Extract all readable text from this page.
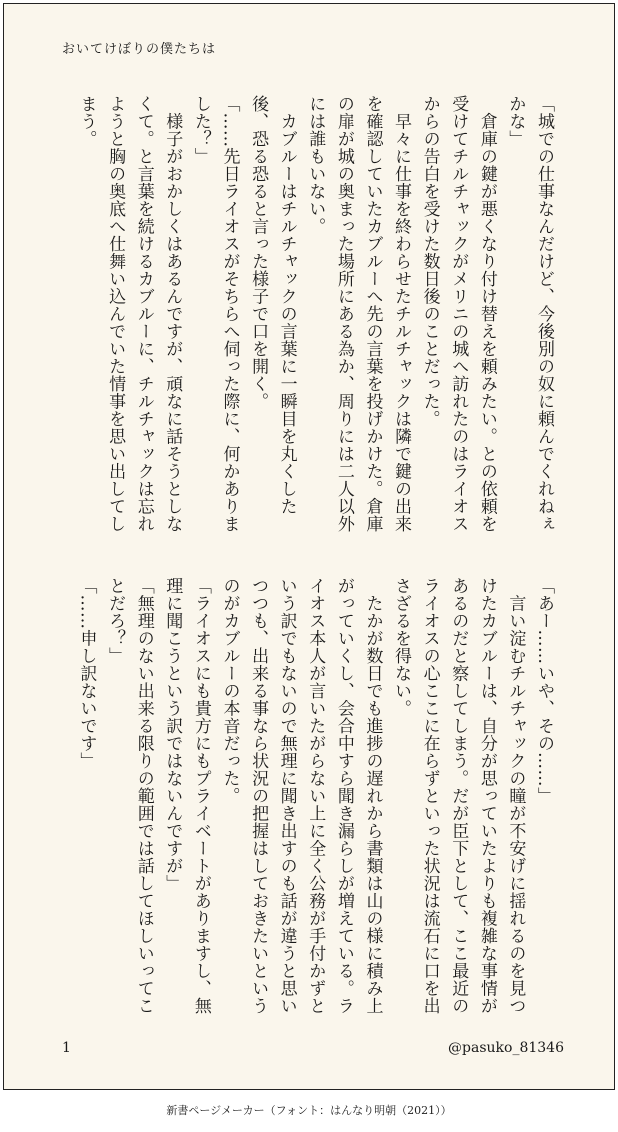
おいてけぼりの僕たちは

「城での仕事なんだけど、今後別の奴に頼んでくれねぇかな」

　倉庫の鍵が悪くなり付け替えを頼みたい。との依頼を受けてチルチャックがメリニの城へ訪れたのはライオスからの告白を受けた数日後のことだった。

　早々に仕事を終わらせたチルチャックは隣で鍵の出来を確認していたカブルーへ先の言葉を投げかけた。倉庫の扉が城の奥まった場所にある為か、周りには二人以外には誰もいない。

　カブルーはチルチャックの言葉に一瞬目を丸くした後、恐る恐ると言った様子で口を開く。

「……先日ライオスがそちらへ伺った際に、何かありました？」

　様子がおかしくはあるんですが、頑なに話そうとしなくて。と言葉を続けるカブルーに、チルチャックは忘れようと胸の奥底へ仕舞い込んでいた情事を思い出してしまう。

「あー……いや、その……」

　言い淀むチルチャックの瞳が不安げに揺れるのを見つけたカブルーは、自分が思っていたよりも複雑な事情があるのだと察してしまう。だが臣下として、ここ最近のライオスの心ここに在らずといった状況は流石に口を出さざるを得ない。

　たかが数日でも進捗の遅れから書類は山の様に積み上がっていくし、会合中すら聞き漏らしが増えている。ライオス本人が言いたがらない上に全く公務が手付かずという訳でもないので無理に聞き出すのも話が違うと思いつつも、出来る事なら状況の把握はしておきたいというのがカブルーの本音だった。

「ライオスにも貴方にもプライベートがありますし、無理に聞こうという訳ではないんですが」

「無理のない出来る限りの範囲では話してほしいってことだろ？」

「……申し訳ないです」

1	@pasuko_81346
新書ページメーカー（フォント：はんなり明朝（2021））
